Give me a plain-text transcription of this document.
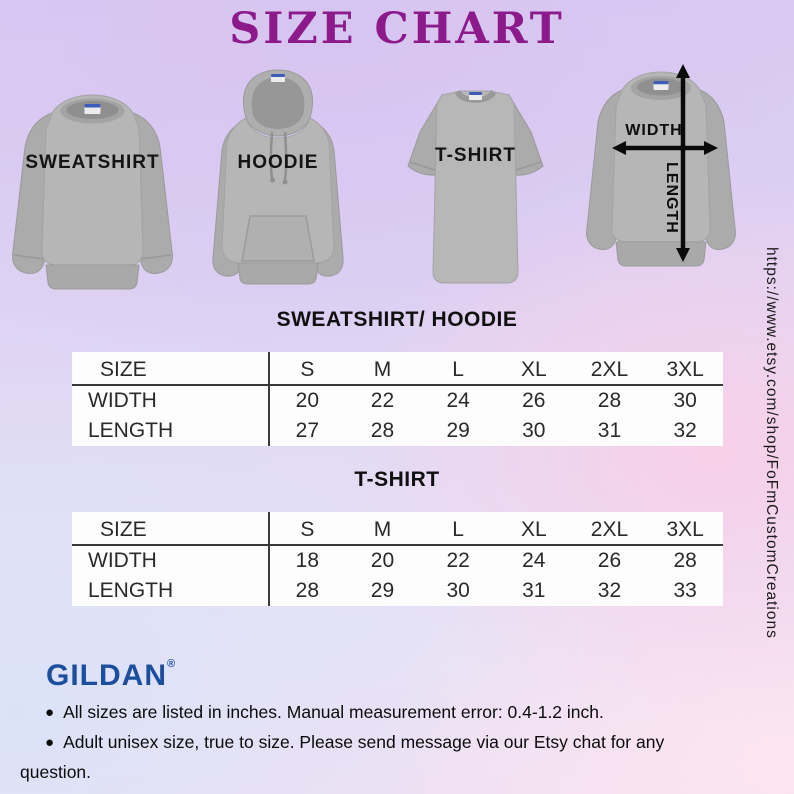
SIZE CHART
SWEATSHIRT	HOODIE	T-SHIRT
WIDTH
LENGTH
SWEATSHIRT/ HOODIE
SIZE	S	M	L	XL	2XL	3XL
WIDTH	20	22	24	26	28	30
LENGTH	27	28	29	30	31	32
T-SHIRT
SIZE	S	M	L	XL	2XL	3XL
WIDTH	18	20	22	24	26	28
LENGTH	28	29	30	31	32	33
GILDAN®

● All sizes are listed in inches. Manual measurement error: 0.4-1.2 inch.

● Adult unisex size, true to size. Please send message via our Etsy chat for any question.

https://www.etsy.com/shop/FoFmCustomCreations
